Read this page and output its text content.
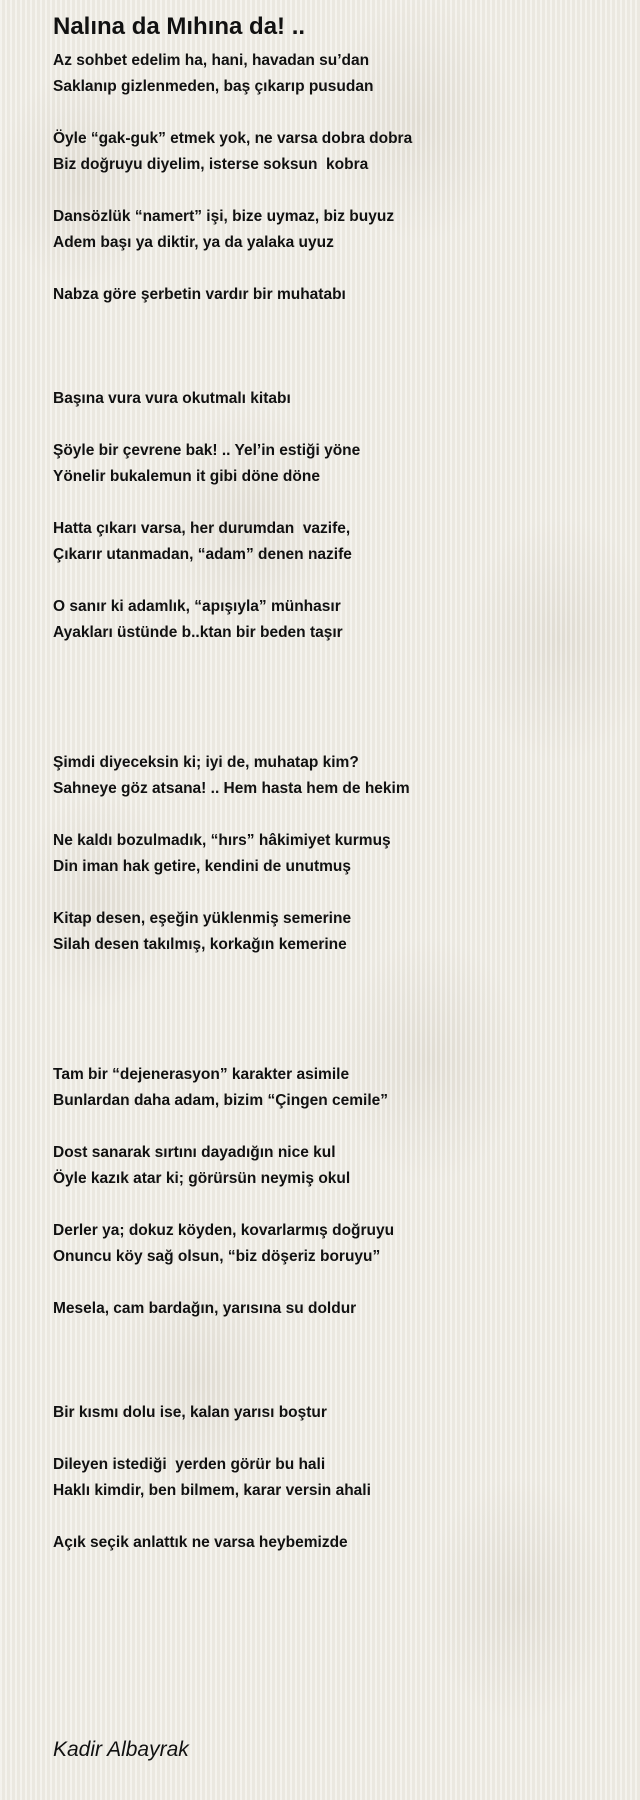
Nalına da Mıhına da! ..
Az sohbet edelim ha, hani, havadan su’dan
Saklanıp gizlenmeden, baş çıkarıp pusudan
Öyle “gak-guk” etmek yok, ne varsa dobra dobra
Biz doğruyu diyelim, isterse soksun  kobra
Dansözlük “namert” işi, bize uymaz, biz buyuz
Adem başı ya diktir, ya da yalaka uyuz
Nabza göre şerbetin vardır bir muhatabı
Başına vura vura okutmalı kitabı
Şöyle bir çevrene bak! .. Yel’in estiği yöne
Yönelir bukalemun it gibi döne döne
Hatta çıkarı varsa, her durumdan  vazife,
Çıkarır utanmadan, “adam” denen nazife
O sanır ki adamlık, “apışıyla” münhasır
Ayakları üstünde b..ktan bir beden taşır
Şimdi diyeceksin ki; iyi de, muhatap kim?
Sahneye göz atsana! .. Hem hasta hem de hekim
Ne kaldı bozulmadık, “hırs” hâkimiyet kurmuş
Din iman hak getire, kendini de unutmuş
Kitap desen, eşeğin yüklenmiş semerine
Silah desen takılmış, korkağın kemerine
Tam bir “dejenerasyon” karakter asimile
Bunlardan daha adam, bizim “Çingen cemile”
Dost sanarak sırtını dayadığın nice kul
Öyle kazık atar ki; görürsün neymiş okul
Derler ya; dokuz köyden, kovarlarmış doğruyu
Onuncu köy sağ olsun, “biz döşeriz boruyu”
Mesela, cam bardağın, yarısına su doldur
Bir kısmı dolu ise, kalan yarısı boştur
Dileyen istediği  yerden görür bu hali
Haklı kimdir, ben bilmem, karar versin ahali
Açık seçik anlattık ne varsa heybemizde
Kadir Albayrak
